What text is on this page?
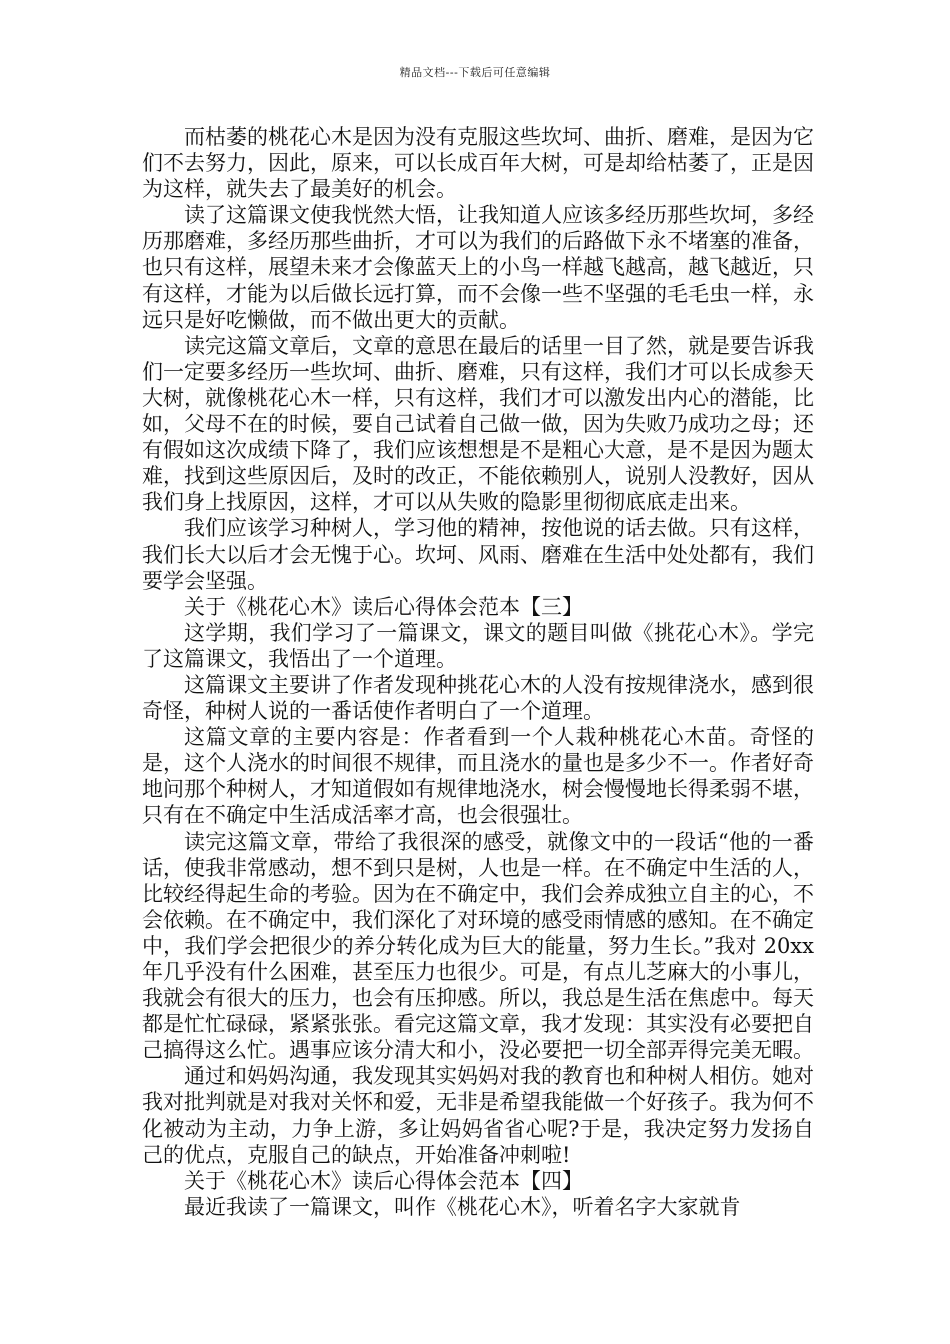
精品文档---下载后可任意编辑

而枯萎的桃花心木是因为没有克服这些坎坷、曲折、磨难，是因为它们不去努力，因此，原来，可以长成百年大树，可是却给枯萎了，正是因为这样，就失去了最美好的机会。

读了这篇课文使我恍然大悟，让我知道人应该多经历那些坎坷，多经历那磨难，多经历那些曲折，才可以为我们的后路做下永不堵塞的准备，也只有这样，展望未来才会像蓝天上的小鸟一样越飞越高，越飞越近，只有这样，才能为以后做长远打算，而不会像一些不坚强的毛毛虫一样，永远只是好吃懒做，而不做出更大的贡献。

读完这篇文章后，文章的意思在最后的话里一目了然，就是要告诉我们一定要多经历一些坎坷、曲折、磨难，只有这样，我们才可以长成参天大树，就像桃花心木一样，只有这样，我们才可以激发出内心的潜能，比如，父母不在的时候，要自己试着自己做一做，因为失败乃成功之母；还有假如这次成绩下降了，我们应该想想是不是粗心大意，是不是因为题太难，找到这些原因后，及时的改正，不能依赖别人，说别人没教好，因从我们身上找原因，这样，才可以从失败的隐影里彻彻底底走出来。

我们应该学习种树人，学习他的精神，按他说的话去做。只有这样，我们长大以后才会无愧于心。坎坷、风雨、磨难在生活中处处都有，我们要学会坚强。

关于《桃花心木》读后心得体会范本【三】

这学期，我们学习了一篇课文，课文的题目叫做《挑花心木》。学完了这篇课文，我悟出了一个道理。

这篇课文主要讲了作者发现种挑花心木的人没有按规律浇水，感到很奇怪，种树人说的一番话使作者明白了一个道理。

这篇文章的主要内容是：作者看到一个人栽种桃花心木苗。奇怪的是，这个人浇水的时间很不规律，而且浇水的量也是多少不一。作者好奇地问那个种树人，才知道假如有规律地浇水，树会慢慢地长得柔弱不堪，只有在不确定中生活成活率才高，也会很强壮。

读完这篇文章，带给了我很深的感受，就像文中的一段话“他的一番话，使我非常感动，想不到只是树，人也是一样。在不确定中生活的人，比较经得起生命的考验。因为在不确定中，我们会养成独立自主的心，不会依赖。在不确定中，我们深化了对环境的感受雨情感的感知。在不确定中，我们学会把很少的养分转化成为巨大的能量，努力生长。”我对 20xx 年几乎没有什么困难，甚至压力也很少。可是，有点儿芝麻大的小事儿，我就会有很大的压力，也会有压抑感。所以，我总是生活在焦虑中。每天都是忙忙碌碌，紧紧张张。看完这篇文章，我才发现：其实没有必要把自己搞得这么忙。遇事应该分清大和小，没必要把一切全部弄得完美无暇。

通过和妈妈沟通，我发现其实妈妈对我的教育也和种树人相仿。她对我对批判就是对我对关怀和爱，无非是希望我能做一个好孩子。我为何不化被动为主动，力争上游，多让妈妈省省心呢?于是，我决定努力发扬自己的优点，克服自己的缺点，开始准备冲刺啦!

关于《桃花心木》读后心得体会范本【四】

最近我读了一篇课文，叫作《桃花心木》，听着名字大家就肯
